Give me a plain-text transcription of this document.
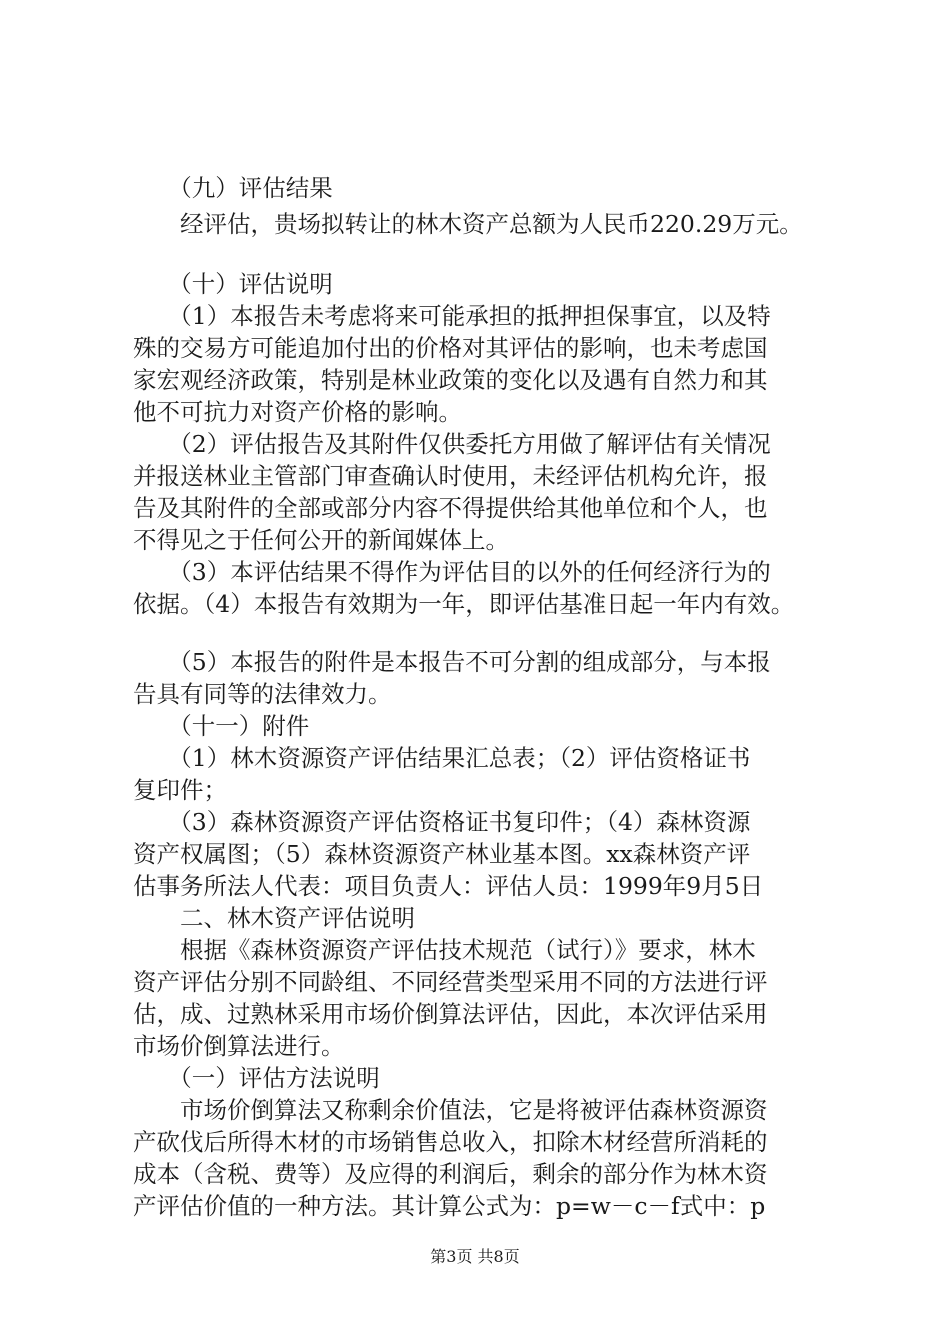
　　（九）评估结果
　　经评估，贵场拟转让的林木资产总额为人民币220.29万元。
　　（十）评估说明
　　（1）本报告未考虑将来可能承担的抵押担保事宜，以及特
殊的交易方可能追加付出的价格对其评估的影响，也未考虑国
家宏观经济政策，特别是林业政策的变化以及遇有自然力和其
他不可抗力对资产价格的影响。
　　（2）评估报告及其附件仅供委托方用做了解评估有关情况
并报送林业主管部门审查确认时使用，未经评估机构允许，报
告及其附件的全部或部分内容不得提供给其他单位和个人，也
不得见之于任何公开的新闻媒体上。
　　（3）本评估结果不得作为评估目的以外的任何经济行为的
依据。（4）本报告有效期为一年，即评估基准日起一年内有效。
　　（5）本报告的附件是本报告不可分割的组成部分，与本报
告具有同等的法律效力。
　　（十一）附件
　　（1）林木资源资产评估结果汇总表；（2）评估资格证书
复印件；
　　（3）森林资源资产评估资格证书复印件；（4）森林资源
资产权属图；（5）森林资源资产林业基本图。xx森林资产评
估事务所法人代表：项目负责人：评估人员：1999年9月5日
　　二、林木资产评估说明
　　根据《森林资源资产评估技术规范（试行）》要求，林木
资产评估分别不同龄组、不同经营类型采用不同的方法进行评
估，成、过熟林采用市场价倒算法评估，因此，本次评估采用
市场价倒算法进行。
　　（一）评估方法说明
　　市场价倒算法又称剩余价值法，它是将被评估森林资源资
产砍伐后所得木材的市场销售总收入，扣除木材经营所消耗的
成本（含税、费等）及应得的利润后，剩余的部分作为林木资
产评估价值的一种方法。其计算公式为：p=w－c－f式中：p
第3页 共8页
